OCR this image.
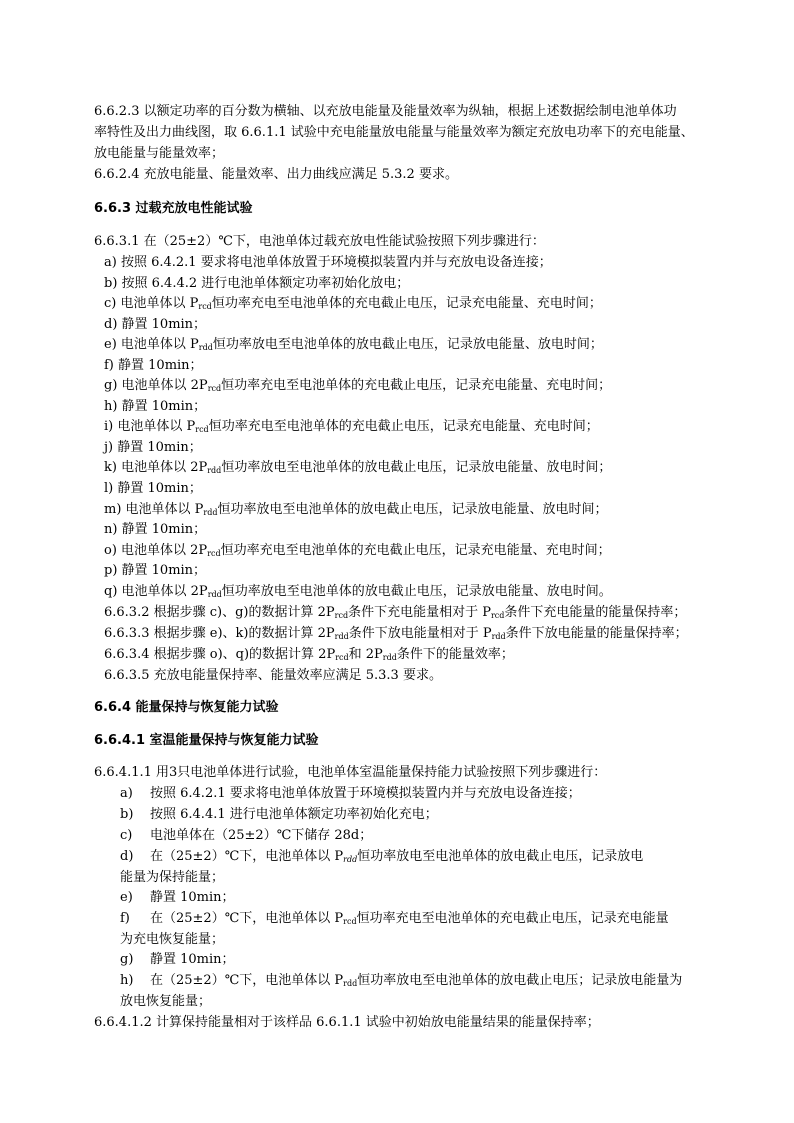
6.6.2.3 以额定功率的百分数为横轴、以充放电能量及能量效率为纵轴，根据上述数据绘制电池单体功
率特性及出力曲线图，取 6.6.1.1 试验中充电能量放电能量与能量效率为额定充放电功率下的充电能量、
放电能量与能量效率；
6.6.2.4 充放电能量、能量效率、出力曲线应满足 5.3.2 要求。
6.6.3 过载充放电性能试验
6.6.3.1 在（25±2）℃下，电池单体过载充放电性能试验按照下列步骤进行：
a) 按照 6.4.2.1 要求将电池单体放置于环境模拟装置内并与充放电设备连接；
b) 按照 6.4.4.2 进行电池单体额定功率初始化放电；
c) 电池单体以 $P_{rcd}$恒功率充电至电池单体的充电截止电压，记录充电能量、充电时间；
d) 静置 10min；
e) 电池单体以 $P_{rdd}$恒功率放电至电池单体的放电截止电压，记录放电能量、放电时间；
f) 静置 10min；
g) 电池单体以 $2P_{rcd}$恒功率充电至电池单体的充电截止电压，记录充电能量、充电时间；
h) 静置 10min；
i) 电池单体以 $P_{rcd}$恒功率充电至电池单体的充电截止电压，记录充电能量、充电时间；
j) 静置 10min；
k) 电池单体以 $2P_{rdd}$恒功率放电至电池单体的放电截止电压，记录放电能量、放电时间；
l) 静置 10min；
m) 电池单体以 $P_{rdd}$恒功率放电至电池单体的放电截止电压，记录放电能量、放电时间；
n) 静置 10min；
o) 电池单体以 $2P_{rcd}$恒功率充电至电池单体的充电截止电压，记录充电能量、充电时间；
p) 静置 10min；
q) 电池单体以 $2P_{rdd}$恒功率放电至电池单体的放电截止电压，记录放电能量、放电时间。
6.6.3.2 根据步骤 c)、g)的数据计算 $2P_{rcd}$条件下充电能量相对于 $P_{rcd}$条件下充电能量的能量保持率；
6.6.3.3 根据步骤 e)、k)的数据计算 $2P_{rdd}$条件下放电能量相对于 $P_{rdd}$条件下放电能量的能量保持率；
6.6.3.4 根据步骤 o)、q)的数据计算 $2P_{rcd}$和 $2P_{rdd}$条件下的能量效率；
6.6.3.5 充放电能量保持率、能量效率应满足 5.3.3 要求。
6.6.4 能量保持与恢复能力试验
6.6.4.1 室温能量保持与恢复能力试验
6.6.4.1.1 用3只电池单体进行试验，电池单体室温能量保持能力试验按照下列步骤进行：
a) 按照 6.4.2.1 要求将电池单体放置于环境模拟装置内并与充放电设备连接；
b) 按照 6.4.4.1 进行电池单体额定功率初始化充电；
c) 电池单体在（25±2）℃下储存 28d；
d) 在（25±2）℃下，电池单体以 $P_{rdd}$恒功率放电至电池单体的放电截止电压，记录放电
能量为保持能量；
e) 静置 10min；
f) 在（25±2）℃下，电池单体以 $P_{rcd}$恒功率充电至电池单体的充电截止电压，记录充电能量
为充电恢复能量；
g) 静置 10min；
h) 在（25±2）℃下，电池单体以 $P_{rdd}$恒功率放电至电池单体的放电截止电压；记录放电能量为
放电恢复能量；
6.6.4.1.2 计算保持能量相对于该样品 6.6.1.1 试验中初始放电能量结果的能量保持率；
